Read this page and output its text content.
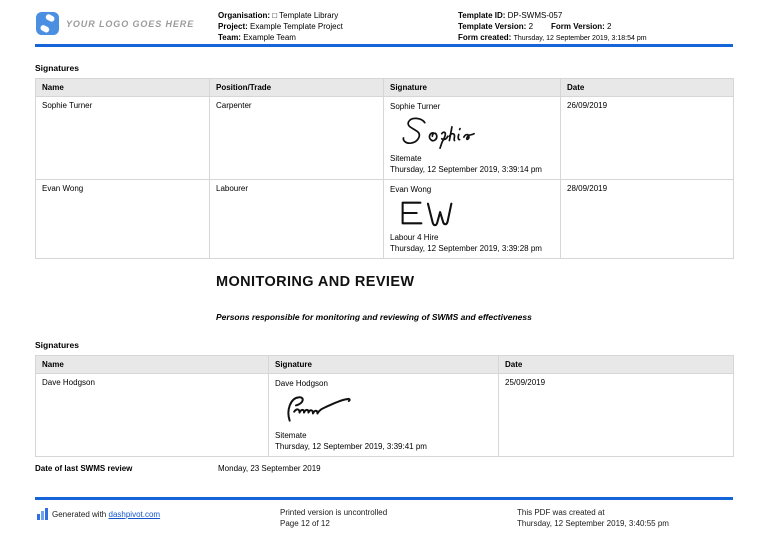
YOUR LOGO GOES HERE
Organisation: □ Template Library
Project: Example Template Project
Team: Example Team
Template ID: DP-SWMS-057
Template Version: 2 Form Version: 2
Form created: Thursday, 12 September 2019, 3:18:54 pm
Signatures
Name	Position/Trade	Signature	Date
Sophie Turner	Carpenter	Sophie Turner
Sitemate
Thursday, 12 September 2019, 3:39:14 pm	26/09/2019
Evan Wong	Labourer	Evan Wong
Labour 4 Hire
Thursday, 12 September 2019, 3:39:28 pm	28/09/2019
MONITORING AND REVIEW
Persons responsible for monitoring and reviewing of SWMS and effectiveness
Signatures
Name	Signature	Date
Dave Hodgson	Dave Hodgson
Sitemate
Thursday, 12 September 2019, 3:39:41 pm	25/09/2019
Date of last SWMS review	Monday, 23 September 2019
Generated with dashpivot.com	Printed version is uncontrolled
Page 12 of 12
This PDF was created at
Thursday, 12 September 2019, 3:40:55 pm
